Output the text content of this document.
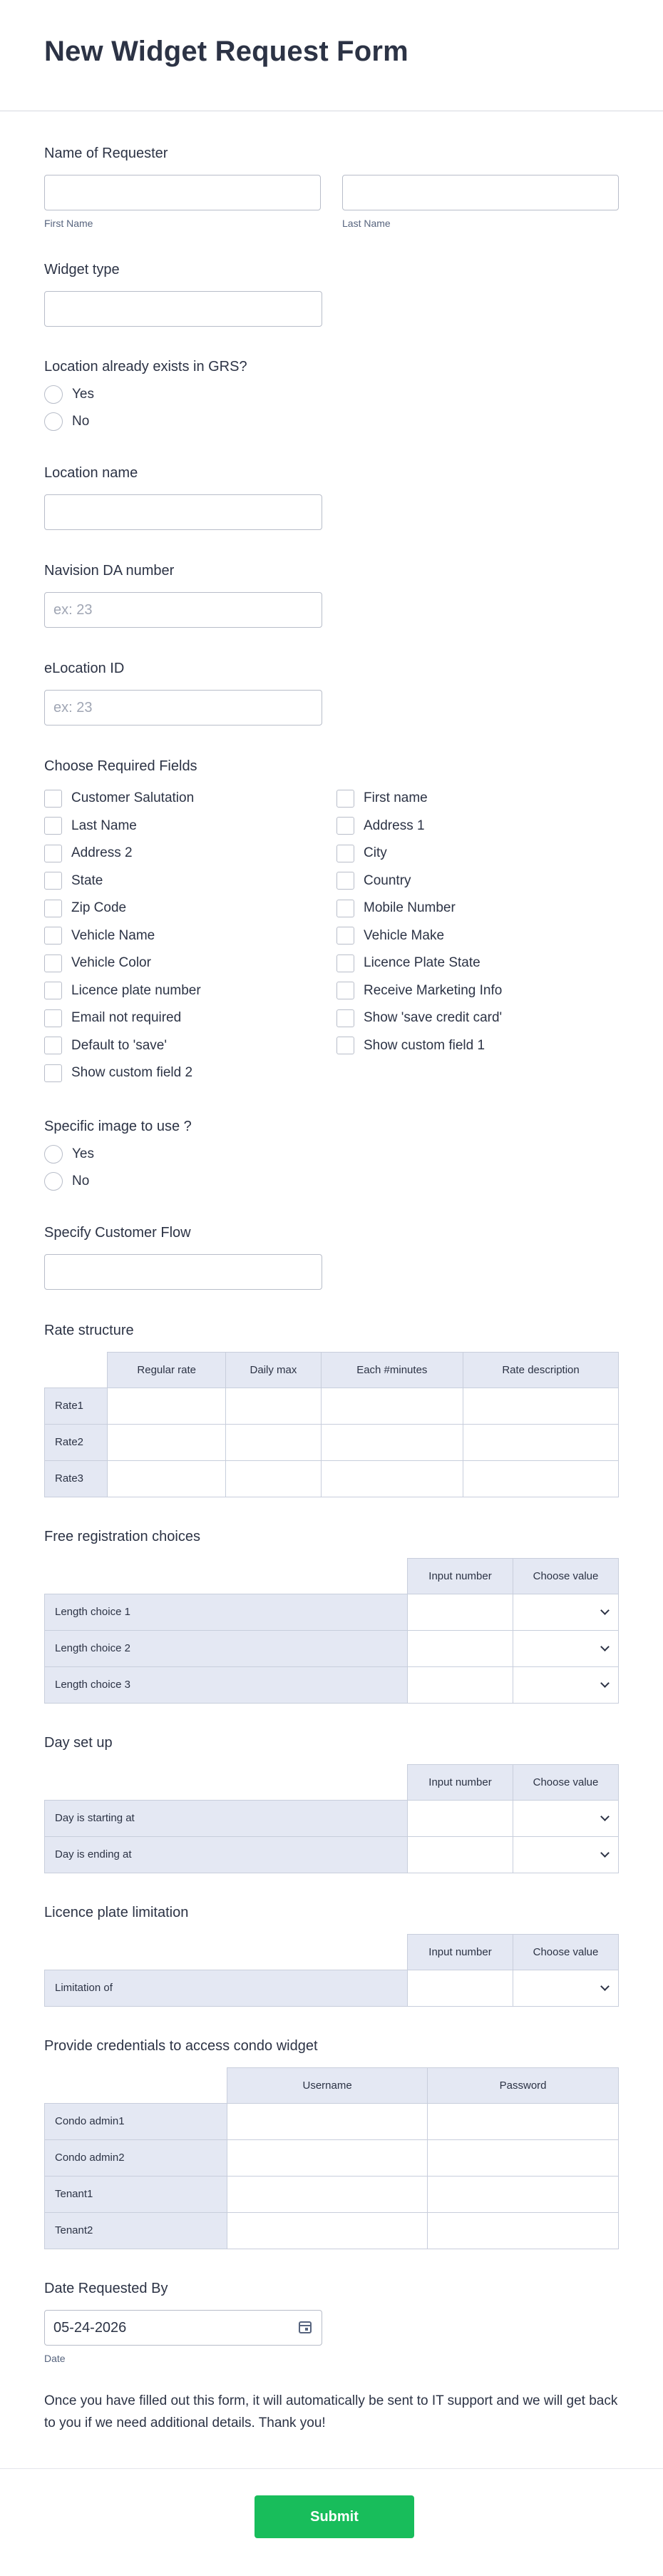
New Widget Request Form
Name of Requester
First Name	Last Name
Widget type
Location already exists in GRS?
Yes
No
Location name
Navision DA number
ex: 23
eLocation ID
ex: 23
Choose Required Fields
Customer Salutation	First name
Last Name	Address 1
Address 2	City
State	Country
Zip Code	Mobile Number
Vehicle Name	Vehicle Make
Vehicle Color	Licence Plate State
Licence plate number	Receive Marketing Info
Email not required	Show 'save credit card'
Default to 'save'	Show custom field 1
Show custom field 2
Specific image to use ?
Yes
No
Specify Customer Flow
Rate structure
	Regular rate	Daily max	Each #minutes	Rate description
Rate1				
Rate2				
Rate3				
Free registration choices
	Input number	Choose value
Length choice 1		

Length choice 2		

Length choice 3		
Day set up
	Input number	Choose value
Day is starting at		

Day is ending at		
Licence plate limitation
	Input number	Choose value
Limitation of		
Provide credentials to access condo widget
	Username	Password
Condo admin1		
Condo admin2		
Tenant1		
Tenant2		
Date Requested By
05-24-2026
Date
Once you have filled out this form, it will automatically be sent to IT support and we will get back to you if we need additional details. Thank you!
Submit
